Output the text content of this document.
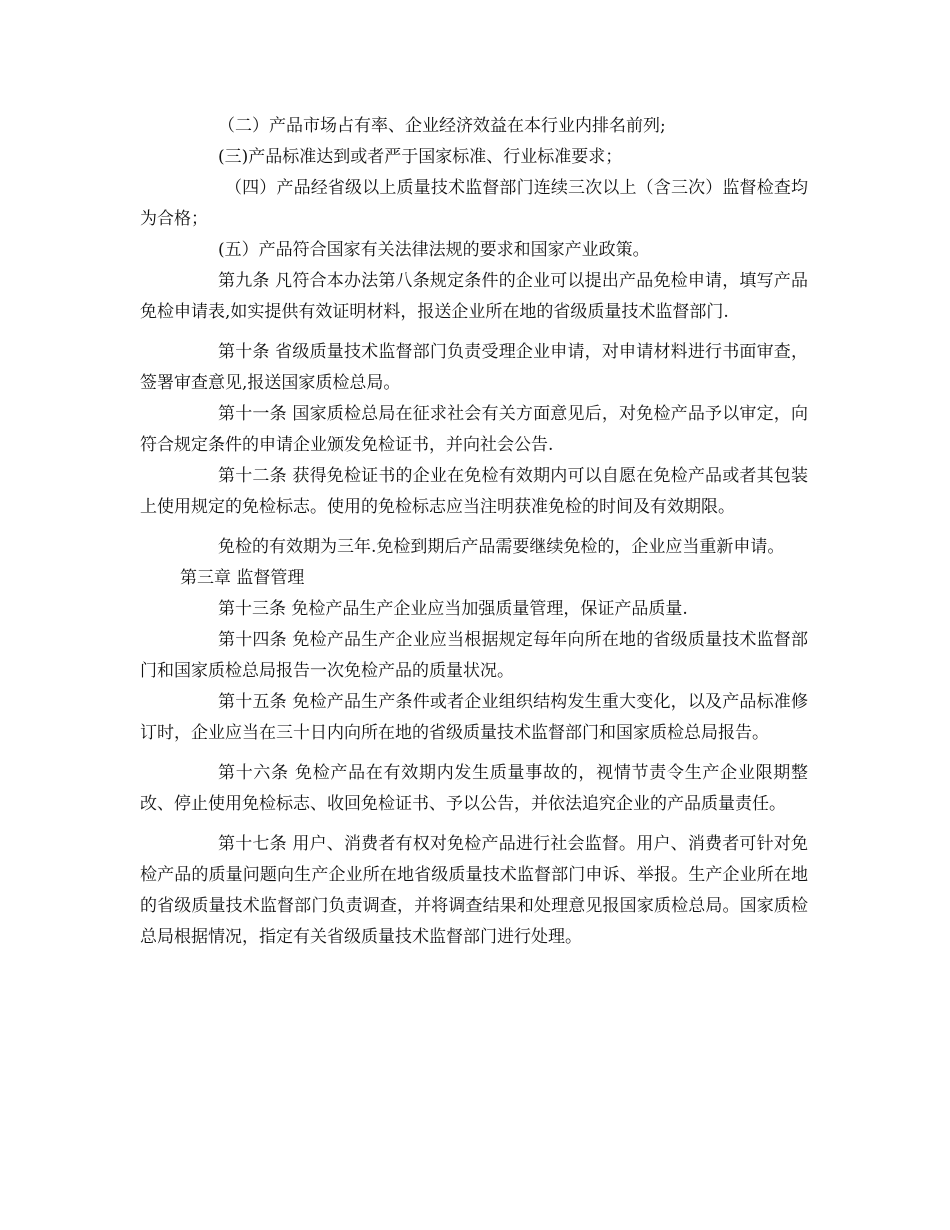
（二）产品市场占有率、企业经济效益在本行业内排名前列;

(三)产品标准达到或者严于国家标准、行业标准要求；

（四）产品经省级以上质量技术监督部门连续三次以上（含三次）监督检查均为合格；

(五）产品符合国家有关法律法规的要求和国家产业政策。

第九条 凡符合本办法第八条规定条件的企业可以提出产品免检申请，填写产品免检申请表,如实提供有效证明材料，报送企业所在地的省级质量技术监督部门.

第十条 省级质量技术监督部门负责受理企业申请，对申请材料进行书面审查，签署审查意见,报送国家质检总局。

第十一条 国家质检总局在征求社会有关方面意见后，对免检产品予以审定，向符合规定条件的申请企业颁发免检证书，并向社会公告.

第十二条 获得免检证书的企业在免检有效期内可以自愿在免检产品或者其包装上使用规定的免检标志。使用的免检标志应当注明获准免检的时间及有效期限。

免检的有效期为三年.免检到期后产品需要继续免检的，企业应当重新申请。

第三章 监督管理

第十三条 免检产品生产企业应当加强质量管理，保证产品质量.

第十四条 免检产品生产企业应当根据规定每年向所在地的省级质量技术监督部门和国家质检总局报告一次免检产品的质量状况。

第十五条 免检产品生产条件或者企业组织结构发生重大变化，以及产品标准修订时，企业应当在三十日内向所在地的省级质量技术监督部门和国家质检总局报告。

第十六条 免检产品在有效期内发生质量事故的，视情节责令生产企业限期整改、停止使用免检标志、收回免检证书、予以公告，并依法追究企业的产品质量责任。

第十七条 用户、消费者有权对免检产品进行社会监督。用户、消费者可针对免检产品的质量问题向生产企业所在地省级质量技术监督部门申诉、举报。生产企业所在地的省级质量技术监督部门负责调查，并将调查结果和处理意见报国家质检总局。国家质检总局根据情况，指定有关省级质量技术监督部门进行处理。
